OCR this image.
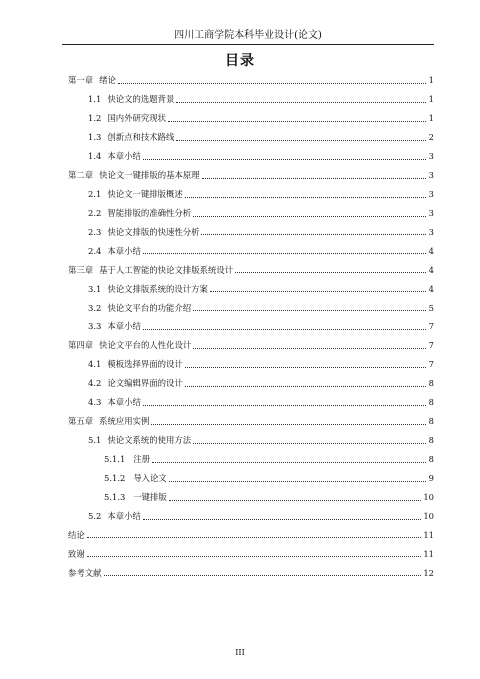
四川工商学院本科毕业设计(论文)
目录
第一章 绪论	1
1.1 快论文的选题背景	1
1.2 国内外研究现状	1
1.3 创新点和技术路线	2
1.4 本章小结	3
第二章 快论文一键排版的基本原理	3
2.1 快论文一键排版概述	3
2.2 智能排版的准确性分析	3
2.3 快论文排版的快速性分析	3
2.4 本章小结	4
第三章 基于人工智能的快论文排版系统设计	4
3.1 快论文排版系统的设计方案	4
3.2 快论文平台的功能介绍	5
3.3 本章小结	7
第四章 快论文平台的人性化设计	7
4.1 模板选择界面的设计	7
4.2 论文编辑界面的设计	8
4.3 本章小结	8
第五章 系统应用实例	8
5.1 快论文系统的使用方法	8
5.1.1 注册	8
5.1.2 导入论文	9
5.1.3 一键排版	10
5.2 本章小结	10
结论	11
致谢	11
参考文献	12
III
